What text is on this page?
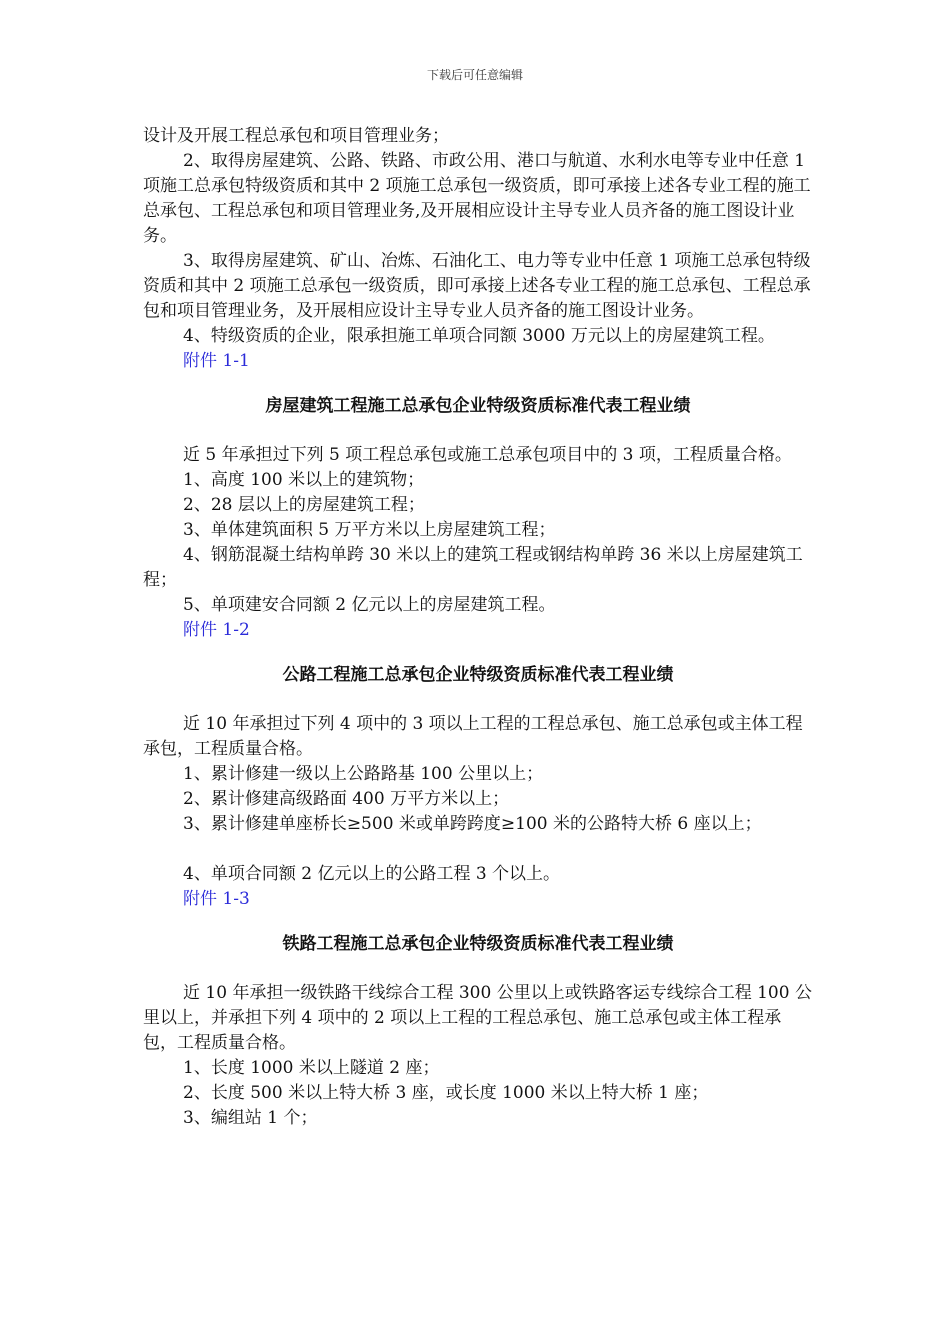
下载后可任意编辑

设计及开展工程总承包和项目管理业务；

2、取得房屋建筑、公路、铁路、市政公用、港口与航道、水利水电等专业中任意 1 项施工总承包特级资质和其中 2 项施工总承包一级资质，即可承接上述各专业工程的施工总承包、工程总承包和项目管理业务,及开展相应设计主导专业人员齐备的施工图设计业务。

3、取得房屋建筑、矿山、冶炼、石油化工、电力等专业中任意 1 项施工总承包特级资质和其中 2 项施工总承包一级资质，即可承接上述各专业工程的施工总承包、工程总承包和项目管理业务，及开展相应设计主导专业人员齐备的施工图设计业务。

4、特级资质的企业，限承担施工单项合同额 3000 万元以上的房屋建筑工程。

附件 1-1

房屋建筑工程施工总承包企业特级资质标准代表工程业绩

近 5 年承担过下列 5 项工程总承包或施工总承包项目中的 3 项，工程质量合格。

1、高度 100 米以上的建筑物；

2、28 层以上的房屋建筑工程；

3、单体建筑面积 5 万平方米以上房屋建筑工程；

4、钢筋混凝土结构单跨 30 米以上的建筑工程或钢结构单跨 36 米以上房屋建筑工程；

5、单项建安合同额 2 亿元以上的房屋建筑工程。

附件 1-2

公路工程施工总承包企业特级资质标准代表工程业绩

近 10 年承担过下列 4 项中的 3 项以上工程的工程总承包、施工总承包或主体工程承包，工程质量合格。

1、累计修建一级以上公路路基 100 公里以上；

2、累计修建高级路面 400 万平方米以上；

3、累计修建单座桥长≥500 米或单跨跨度≥100 米的公路特大桥 6 座以上；

4、单项合同额 2 亿元以上的公路工程 3 个以上。

附件 1-3

铁路工程施工总承包企业特级资质标准代表工程业绩

近 10 年承担一级铁路干线综合工程 300 公里以上或铁路客运专线综合工程 100 公里以上，并承担下列 4 项中的 2 项以上工程的工程总承包、施工总承包或主体工程承包，工程质量合格。

1、长度 1000 米以上隧道 2 座；

2、长度 500 米以上特大桥 3 座，或长度 1000 米以上特大桥 1 座；

3、编组站 1 个；
